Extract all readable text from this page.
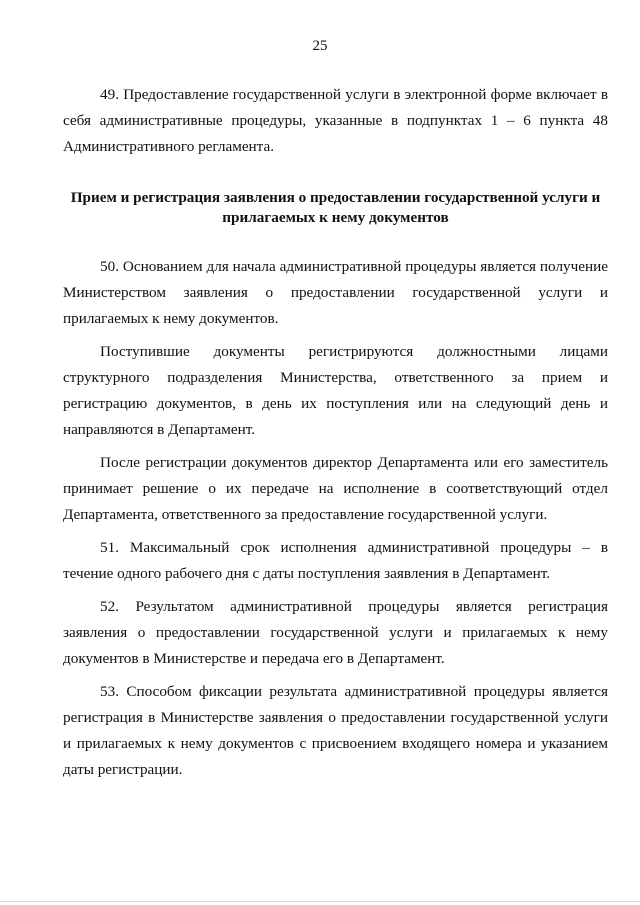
25

49. Предоставление государственной услуги в электронной форме включает в себя административные процедуры, указанные в подпунктах 1 – 6 пункта 48 Административного регламента.

Прием и регистрация заявления о предоставлении государственной услуги и прилагаемых к нему документов

50. Основанием для начала административной процедуры является получение Министерством заявления о предоставлении государственной услуги и прилагаемых к нему документов.

Поступившие документы регистрируются должностными лицами структурного подразделения Министерства, ответственного за прием и регистрацию документов, в день их поступления или на следующий день и направляются в Департамент.

После регистрации документов директор Департамента или его заместитель принимает решение о их передаче на исполнение в соответствующий отдел Департамента, ответственного за предоставление государственной услуги.

51. Максимальный срок исполнения административной процедуры – в течение одного рабочего дня с даты поступления заявления в Департамент.

52. Результатом административной процедуры является регистрация заявления о предоставлении государственной услуги и прилагаемых к нему документов в Министерстве и передача его в Департамент.

53. Способом фиксации результата административной процедуры является регистрация в Министерстве заявления о предоставлении государственной услуги и прилагаемых к нему документов с присвоением входящего номера и указанием даты регистрации.
